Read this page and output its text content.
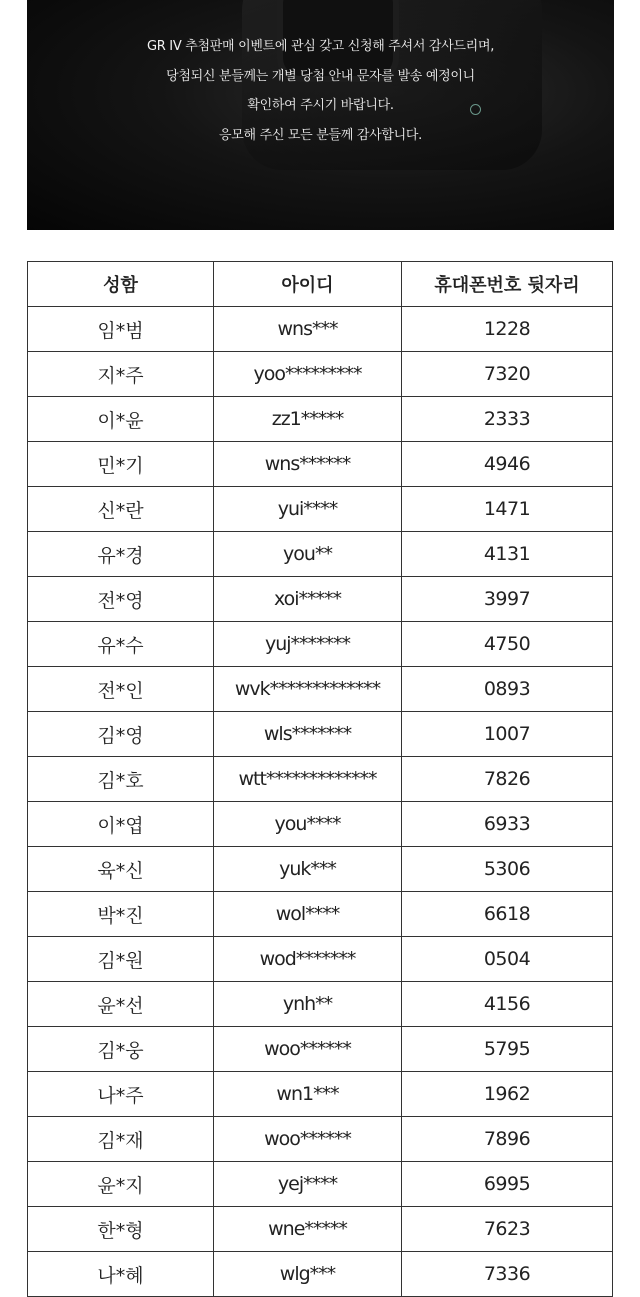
GR IV 추첨판매 이벤트에 관심 갖고 신청해 주셔서 감사드리며,
당첨되신 분들께는 개별 당첨 안내 문자를 발송 예정이니
확인하여 주시기 바랍니다.
응모해 주신 모든 분들께 감사합니다.
성함	아이디	휴대폰번호 뒷자리
임*범	wns***	1228
지*주	yoo*********	7320
이*윤	zz1*****	2333
민*기	wns******	4946
신*란	yui****	1471
유*경	you**	4131
전*영	xoi*****	3997
유*수	yuj*******	4750
전*인	wvk*************	0893
김*영	wls*******	1007
김*호	wtt*************	7826
이*엽	you****	6933
육*신	yuk***	5306
박*진	wol****	6618
김*원	wod*******	0504
윤*선	ynh**	4156
김*웅	woo******	5795
나*주	wn1***	1962
김*재	woo******	7896
윤*지	yej****	6995
한*형	wne*****	7623
나*혜	wlg***	7336
